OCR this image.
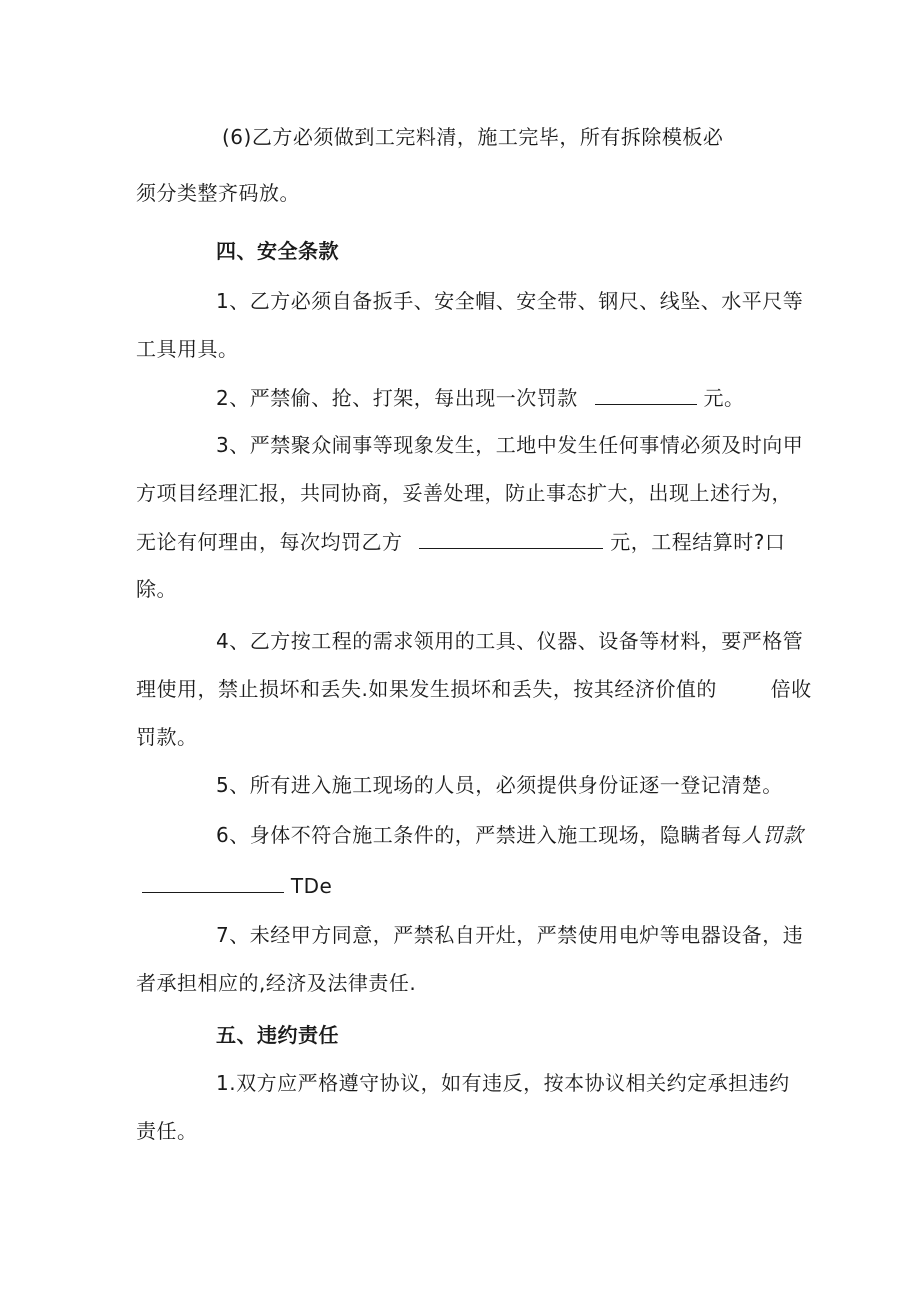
(6)乙方必须做到工完料清，施工完毕，所有拆除模板必
须分类整齐码放。
四、安全条款
1、乙方必须自备扳手、安全帽、安全带、钢尺、线坠、水平尺等
工具用具。
2、严禁偷、抢、打架，每出现一次罚款	元。
3、严禁聚众闹事等现象发生，工地中发生任何事情必须及时向甲
方项目经理汇报，共同协商，妥善处理，防止事态扩大，出现上述行为，
无论有何理由，每次均罚乙方	元，工程结算时?口
除。
4、乙方按工程的需求领用的工具、仪器、设备等材料，要严格管
理使用，禁止损坏和丢失.如果发生损坏和丢失，按其经济价值的	倍收
罚款。
5、所有进入施工现场的人员，必须提供身份证逐一登记清楚。
6、身体不符合施工条件的，严禁进入施工现场，隐瞒者每人罚款
TDe
7、未经甲方同意，严禁私自开灶，严禁使用电炉等电器设备，违
者承担相应的,经济及法律责任.
五、违约责任
1.双方应严格遵守协议，如有违反，按本协议相关约定承担违约
责任。
